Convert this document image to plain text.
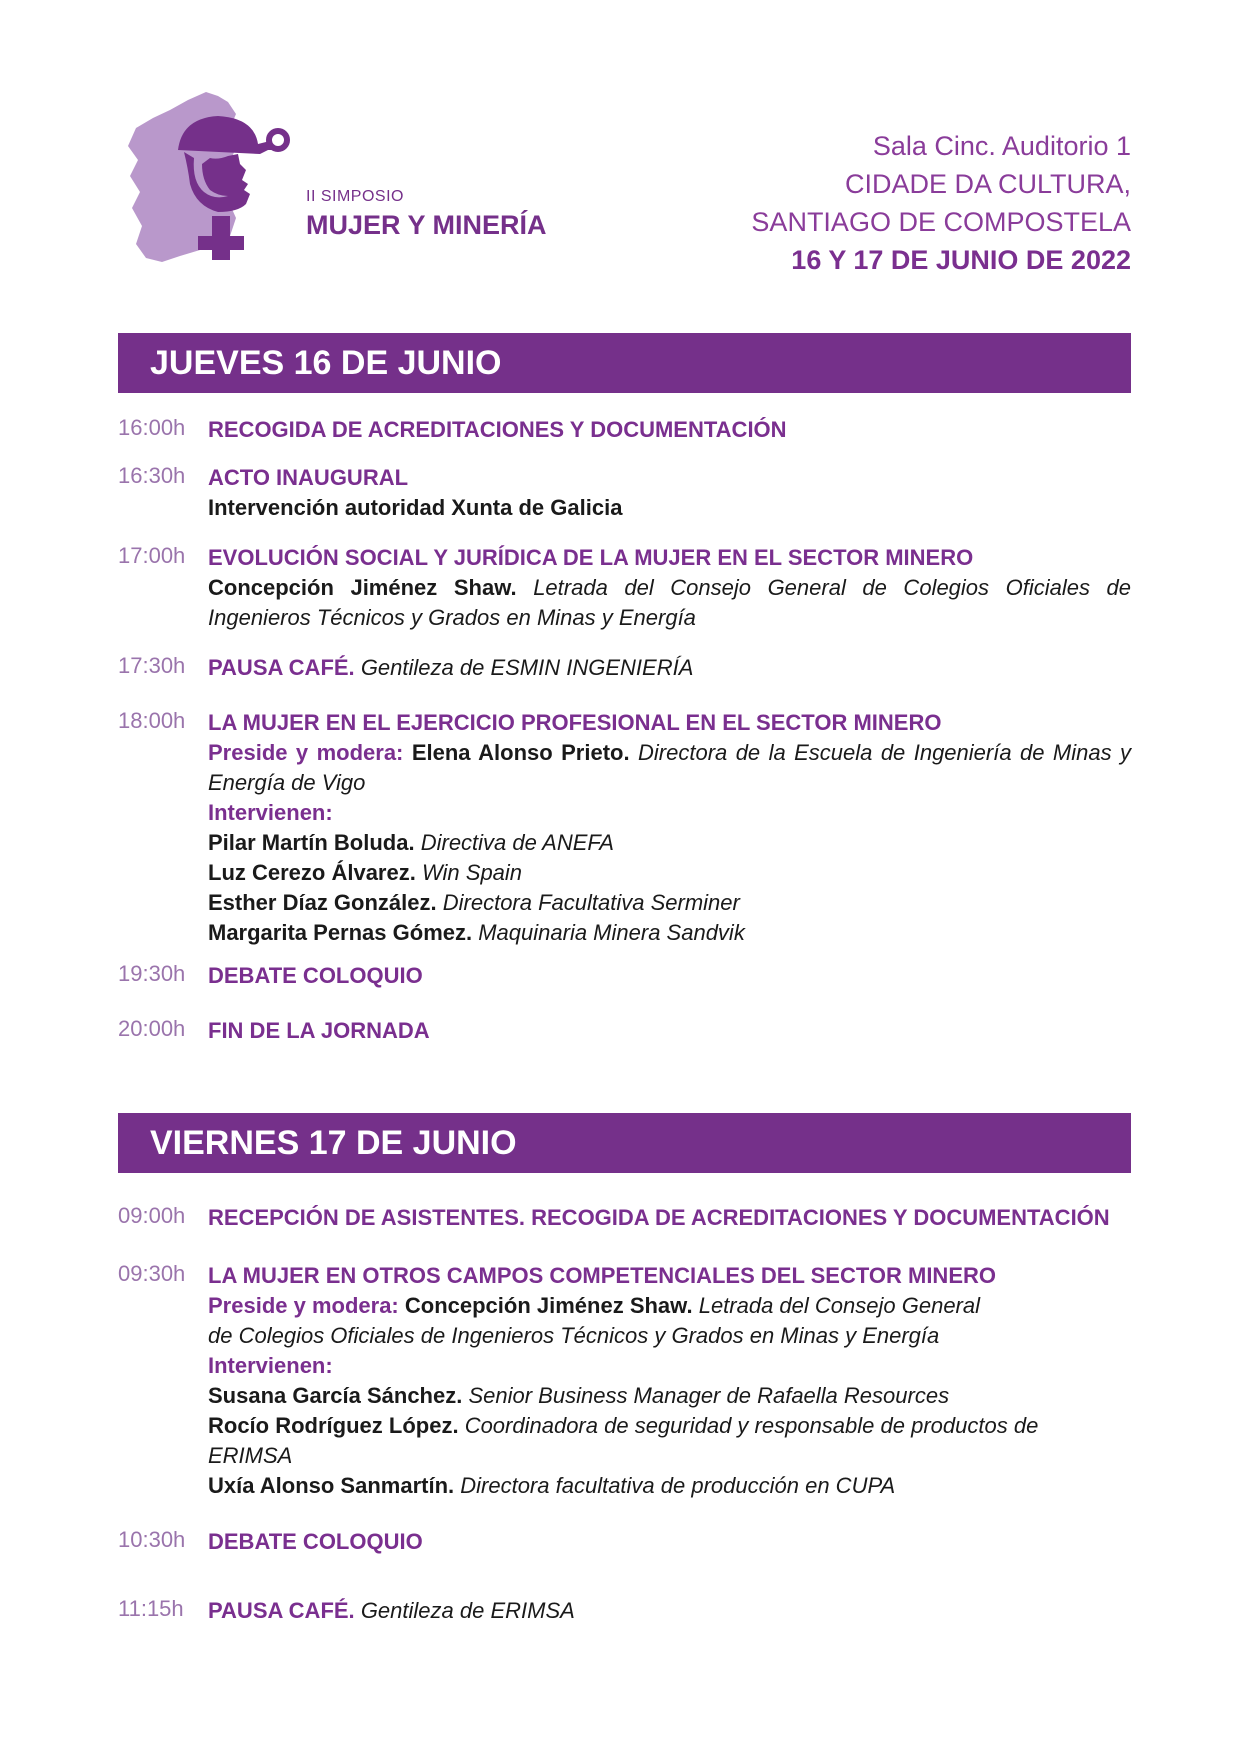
II SIMPOSIO
MUJER Y MINERÍA
Sala Cinc. Auditorio 1
CIDADE DA CULTURA,
SANTIAGO DE COMPOSTELA
16 Y 17 DE JUNIO DE 2022
JUEVES 16 DE JUNIO
16:00h RECOGIDA DE ACREDITACIONES Y DOCUMENTACIÓN
16:30h ACTO INAUGURAL
Intervención autoridad Xunta de Galicia
17:00h EVOLUCIÓN SOCIAL Y JURÍDICA DE LA MUJER EN EL SECTOR MINERO
Concepción Jiménez Shaw. Letrada del Consejo General de Colegios Oficiales de Ingenieros Técnicos y Grados en Minas y Energía
17:30h PAUSA CAFÉ. Gentileza de ESMIN INGENIERÍA
18:00h LA MUJER EN EL EJERCICIO PROFESIONAL EN EL SECTOR MINERO
Preside y modera: Elena Alonso Prieto. Directora de la Escuela de Ingeniería de Minas y Energía de Vigo
Intervienen:
Pilar Martín Boluda. Directiva de ANEFA
Luz Cerezo Álvarez. Win Spain
Esther Díaz González. Directora Facultativa Serminer
Margarita Pernas Gómez. Maquinaria Minera Sandvik
19:30h DEBATE COLOQUIO
20:00h FIN DE LA JORNADA
VIERNES 17 DE JUNIO
09:00h RECEPCIÓN DE ASISTENTES. RECOGIDA DE ACREDITACIONES Y DOCUMENTACIÓN
09:30h LA MUJER EN OTROS CAMPOS COMPETENCIALES DEL SECTOR MINERO
Preside y modera: Concepción Jiménez Shaw. Letrada del Consejo General
de Colegios Oficiales de Ingenieros Técnicos y Grados en Minas y Energía
Intervienen:
Susana García Sánchez. Senior Business Manager de Rafaella Resources
Rocío Rodríguez López. Coordinadora de seguridad y responsable de productos de ERIMSA
Uxía Alonso Sanmartín. Directora facultativa de producción en CUPA
10:30h DEBATE COLOQUIO
11:15h PAUSA CAFÉ. Gentileza de ERIMSA
